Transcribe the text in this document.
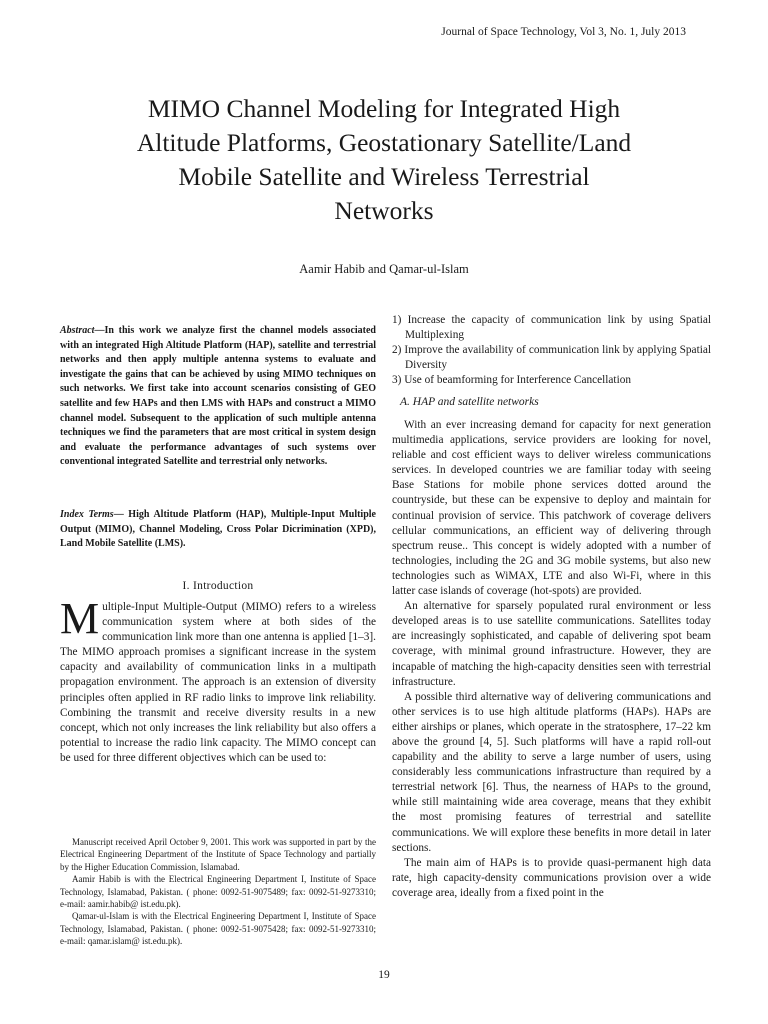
Journal of Space Technology, Vol 3, No. 1, July 2013
MIMO Channel Modeling for Integrated High
Altitude Platforms, Geostationary Satellite/Land
Mobile Satellite and Wireless Terrestrial
Networks
Aamir Habib and Qamar-ul-Islam
Abstract—In this work we analyze first the channel models associated with an integrated High Altitude Platform (HAP), satellite and terrestrial networks and then apply multiple antenna systems to evaluate and investigate the gains that can be achieved by using MIMO techniques on such networks. We first take into account scenarios consisting of GEO satellite and few HAPs and then LMS with HAPs and construct a MIMO channel model. Subsequent to the application of such multiple antenna techniques we find the parameters that are most critical in system design and evaluate the performance advantages of such systems over conventional integrated Satellite and terrestrial only networks.
Index Terms— High Altitude Platform (HAP), Multiple-Input Multiple Output (MIMO), Channel Modeling, Cross Polar Dicrimination (XPD), Land Mobile Satellite (LMS).
I. Introduction
Multiple-Input Multiple-Output (MIMO) refers to a wireless communication system where at both sides of the communication link more than one antenna is applied [1–3]. The MIMO approach promises a significant increase in the system capacity and availability of communication links in a multipath propagation environment. The approach is an extension of diversity principles often applied in RF radio links to improve link reliability. Combining the transmit and receive diversity results in a new concept, which not only increases the link reliability but also offers a potential to increase the radio link capacity. The MIMO concept can be used for three different objectives which can be used to:

Manuscript received April October 9, 2001. This work was supported in part by the Electrical Engineering Department of the Institute of Space Technology and partially by the Higher Education Commission, Islamabad.

Aamir Habib is with the Electrical Engineering Department I, Institute of Space Technology, Islamabad, Pakistan. ( phone: 0092-51-9075489; fax: 0092-51-9273310; e-mail: aamir.habib@ ist.edu.pk).

Qamar-ul-Islam is with the Electrical Engineering Department I, Institute of Space Technology, Islamabad, Pakistan. ( phone: 0092-51-9075428; fax: 0092-51-9273310; e-mail: qamar.islam@ ist.edu.pk).

1) Increase the capacity of communication link by using Spatial Multiplexing
2) Improve the availability of communication link by applying Spatial Diversity
3) Use of beamforming for Interference Cancellation
A. HAP and satellite networks

With an ever increasing demand for capacity for next generation multimedia applications, service providers are looking for novel, reliable and cost efficient ways to deliver wireless communications services. In developed countries we are familiar today with seeing Base Stations for mobile phone services dotted around the countryside, but these can be expensive to deploy and maintain for continual provision of service. This patchwork of coverage delivers cellular communications, an efficient way of delivering through spectrum reuse.. This concept is widely adopted with a number of technologies, including the 2G and 3G mobile systems, but also new technologies such as WiMAX, LTE and also Wi-Fi, where in this latter case islands of coverage (hot-spots) are provided.

An alternative for sparsely populated rural environment or less developed areas is to use satellite communications. Satellites today are increasingly sophisticated, and capable of delivering spot beam coverage, with minimal ground infrastructure. However, they are incapable of matching the high-capacity densities seen with terrestrial infrastructure.

A possible third alternative way of delivering communications and other services is to use high altitude platforms (HAPs). HAPs are either airships or planes, which operate in the stratosphere, 17–22 km above the ground [4, 5]. Such platforms will have a rapid roll-out capability and the ability to serve a large number of users, using considerably less communications infrastructure than required by a terrestrial network [6]. Thus, the nearness of HAPs to the ground, while still maintaining wide area coverage, means that they exhibit the most promising features of terrestrial and satellite communications. We will explore these benefits in more detail in later sections.

The main aim of HAPs is to provide quasi-permanent high data rate, high capacity-density communications provision over a wide coverage area, ideally from a fixed point in the

19
